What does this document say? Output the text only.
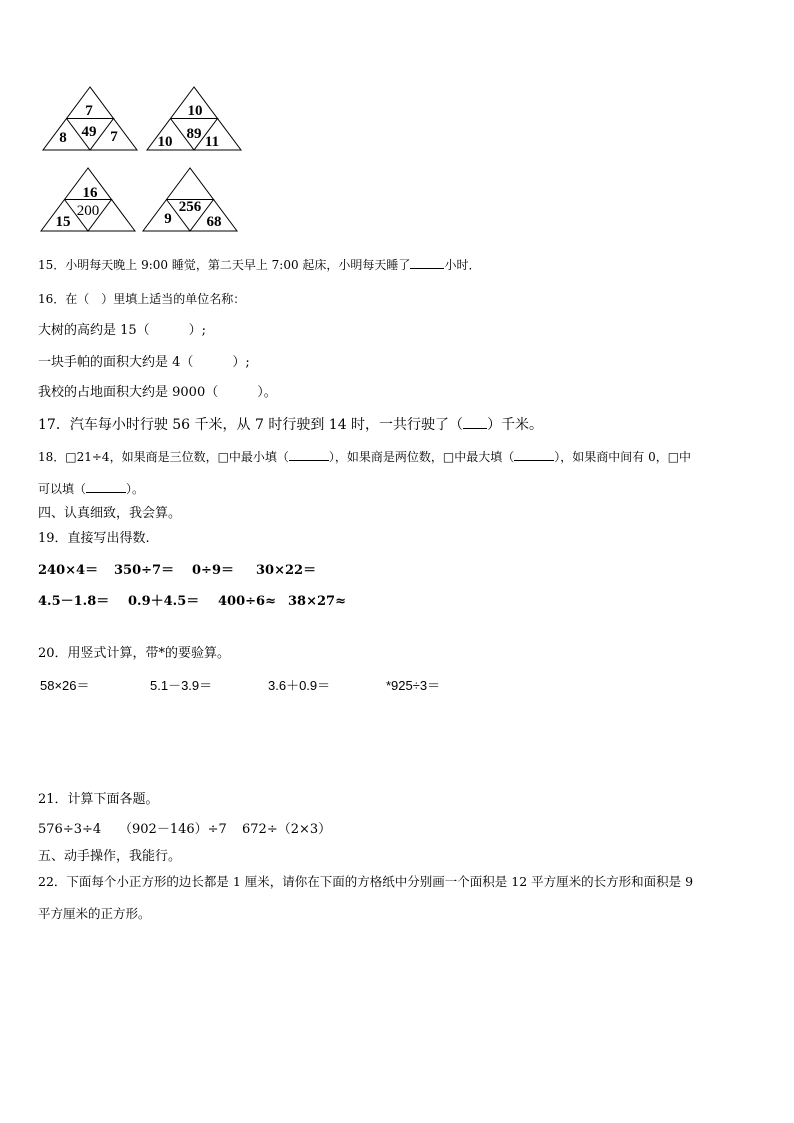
7
8 49 7
10
10 89 11
16
15
200	9
256
68
15．小明每天晚上 9:00 睡觉，第二天早上 7:00 起床，小明每天睡了	小时．
16．在（　）里填上适当的单位名称：
大树的高约是 15（　　　）;
一块手帕的面积大约是 4（　　　）;
我校的占地面积大约是 9000（　　　）。
17．汽车每小时行驶 56 千米，从 7 时行驶到 14 时，一共行驶了（ ）千米。
18．□21÷4，如果商是三位数，□中最小填（	），如果商是两位数，□中最大填（	），如果商中间有 0，□中
可以填（	）。
四、认真细致，我会算。
19．直接写出得数.
240×4＝ 350÷7＝ 0÷9＝ 30×22＝
4.5－1.8＝ 0.9＋4.5＝ 400÷6≈ 38×27≈
20．用竖式计算，带*的要验算。
58×26＝	5.1－3.9＝	3.6＋0.9＝	*925÷3＝
21．计算下面各题。
576÷3÷4 （902－146）÷7 672÷（2×3）
五、动手操作，我能行。
22．下面每个小正方形的边长都是 1 厘米，请你在下面的方格纸中分别画一个面积是 12 平方厘米的长方形和面积是 9
平方厘米的正方形。
